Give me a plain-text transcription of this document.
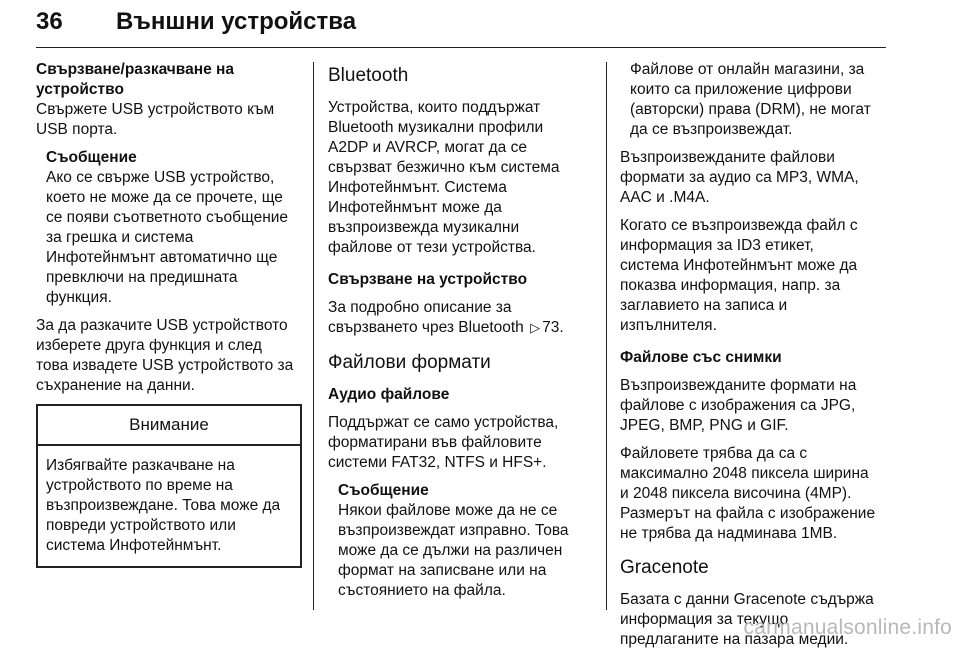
36 Външни устройства

Свързване/разкачване на
устройство

Свържете USB устройството към
USB порта.

Съобщение
Ако се свърже USB устройство,
което не може да се прочете, ще
се появи съответното съобщение
за грешка и система
Инфотейнмънт автоматично ще
превключи на предишната
функция.

За да разкачите USB устройството
изберете друга функция и след
това извадете USB устройството за
съхранение на данни.

Внимание
Избягвайте разкачване на
устройството по време на
възпроизвеждане. Това може да
повреди устройството или
система Инфотейнмънт.
Bluetooth

Устройства, които поддържат
Bluetooth музикални профили
A2DP и AVRCP, могат да се
свързват безжично към система
Инфотейнмънт. Система
Инфотейнмънт може да
възпроизвежда музикални
файлове от тези устройства.

Свързване на устройство

За подробно описание за
свързването чрез Bluetooth ▷ 73.

Файлови формати

Аудио файлове

Поддържат се само устройства,
форматирани във файловите
системи FAT32, NTFS и HFS+.

Съобщение
Някои файлове може да не се
възпроизвеждат изправно. Това
може да се дължи на различен
формат на записване или на
състоянието на файла.
Файлове от онлайн магазини, за
които са приложение цифрови
(авторски) права (DRM), не могат
да се възпроизвеждат.

Възпроизвежданите файлови
формати за аудио са MP3, WMA,
AAC и .M4A.

Когато се възпроизвежда файл с
информация за ID3 етикет,
система Инфотейнмънт може да
показва информация, напр. за
заглавието на записа и
изпълнителя.

Файлове със снимки

Възпроизвежданите формати на
файлове с изображения са JPG,
JPEG, BMP, PNG и GIF.

Файловете трябва да са с
максимално 2048 пиксела ширина
и 2048 пиксела височина (4MP).
Размерът на файла с изображение
не трябва да надминава 1MB.

Gracenote

Базата с данни Gracenote съдържа
информация за текущо
предлаганите на пазара медии.

carmanualsonline.info
